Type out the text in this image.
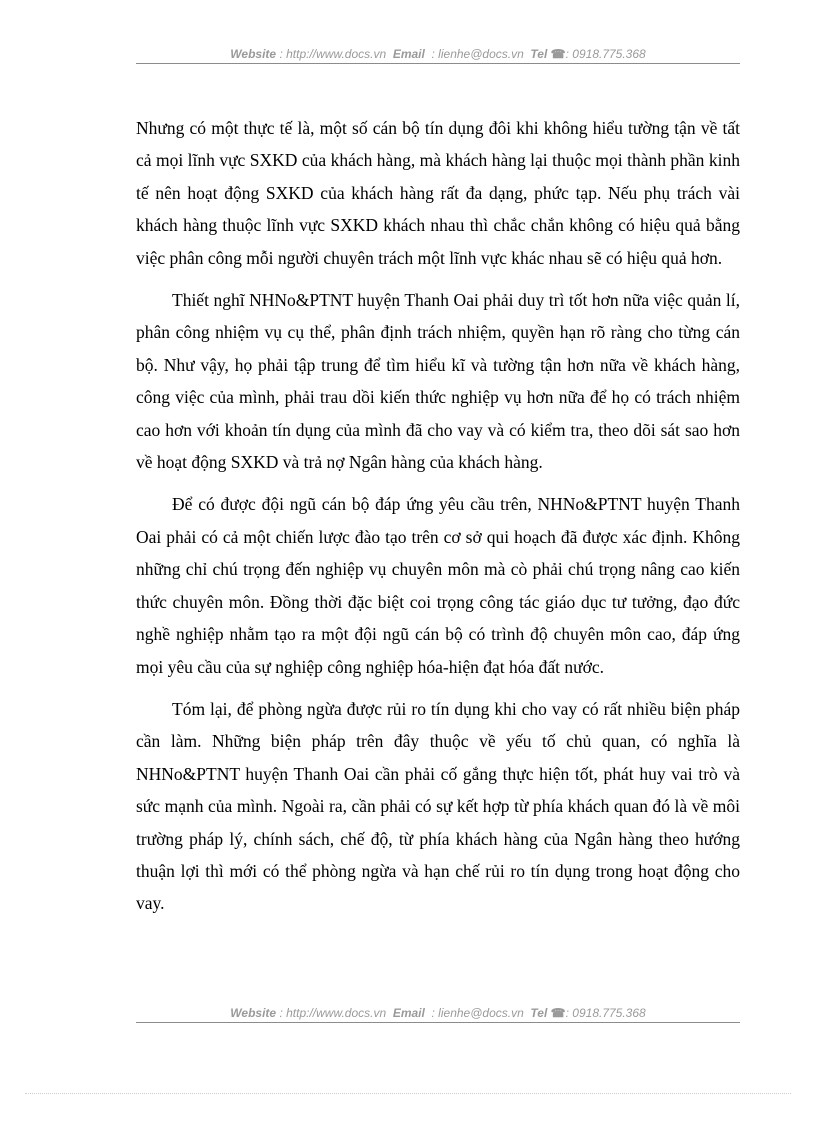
Website : http://www.docs.vn Email : lienhe@docs.vn Tel ☎: 0918.775.368

Nhưng có một thực tế là, một số cán bộ tín dụng đôi khi không hiểu tường tận về tất cả mọi lĩnh vực SXKD của khách hàng, mà khách hàng lại thuộc mọi thành phần kinh tế nên hoạt động SXKD của khách hàng rất đa dạng, phức tạp. Nếu phụ trách vài khách hàng thuộc lĩnh vực SXKD khách nhau thì chắc chắn không có hiệu quả bằng việc phân công mỗi người chuyên trách một lĩnh vực khác nhau sẽ có hiệu quả hơn.

Thiết nghĩ NHNo&PTNT huyện Thanh Oai phải duy trì tốt hơn nữa việc quản lí, phân công nhiệm vụ cụ thể, phân định trách nhiệm, quyền hạn rõ ràng cho từng cán bộ. Như vậy, họ phải tập trung để tìm hiểu kĩ và tường tận hơn nữa về khách hàng, công việc của mình, phải trau dồi kiến thức nghiệp vụ hơn nữa để họ có trách nhiệm cao hơn với khoản tín dụng của mình đã cho vay và có kiểm tra, theo dõi sát sao hơn về hoạt động SXKD và trả nợ Ngân hàng của khách hàng.

Để có được đội ngũ cán bộ đáp ứng yêu cầu trên, NHNo&PTNT huyện Thanh Oai phải có cả một chiến lược đào tạo trên cơ sở qui hoạch đã được xác định. Không những chỉ chú trọng đến nghiệp vụ chuyên môn mà cò phải chú trọng nâng cao kiến thức chuyên môn. Đồng thời đặc biệt coi trọng công tác giáo dục tư tưởng, đạo đức nghề nghiệp nhằm tạo ra một đội ngũ cán bộ có trình độ chuyên môn cao, đáp ứng mọi yêu cầu của sự nghiệp công nghiệp hóa-hiện đạt hóa đất nước.

Tóm lại, để phòng ngừa được rủi ro tín dụng khi cho vay có rất nhiều biện pháp cần làm. Những biện pháp trên đây thuộc về yếu tố chủ quan, có nghĩa là NHNo&PTNT huyện Thanh Oai cần phải cố gắng thực hiện tốt, phát huy vai trò và sức mạnh của mình. Ngoài ra, cần phải có sự kết hợp từ phía khách quan đó là về môi trường pháp lý, chính sách, chế độ, từ phía khách hàng của Ngân hàng theo hướng thuận lợi thì mới có thể phòng ngừa và hạn chế rủi ro tín dụng trong hoạt động cho vay.

Website : http://www.docs.vn Email : lienhe@docs.vn Tel ☎: 0918.775.368
